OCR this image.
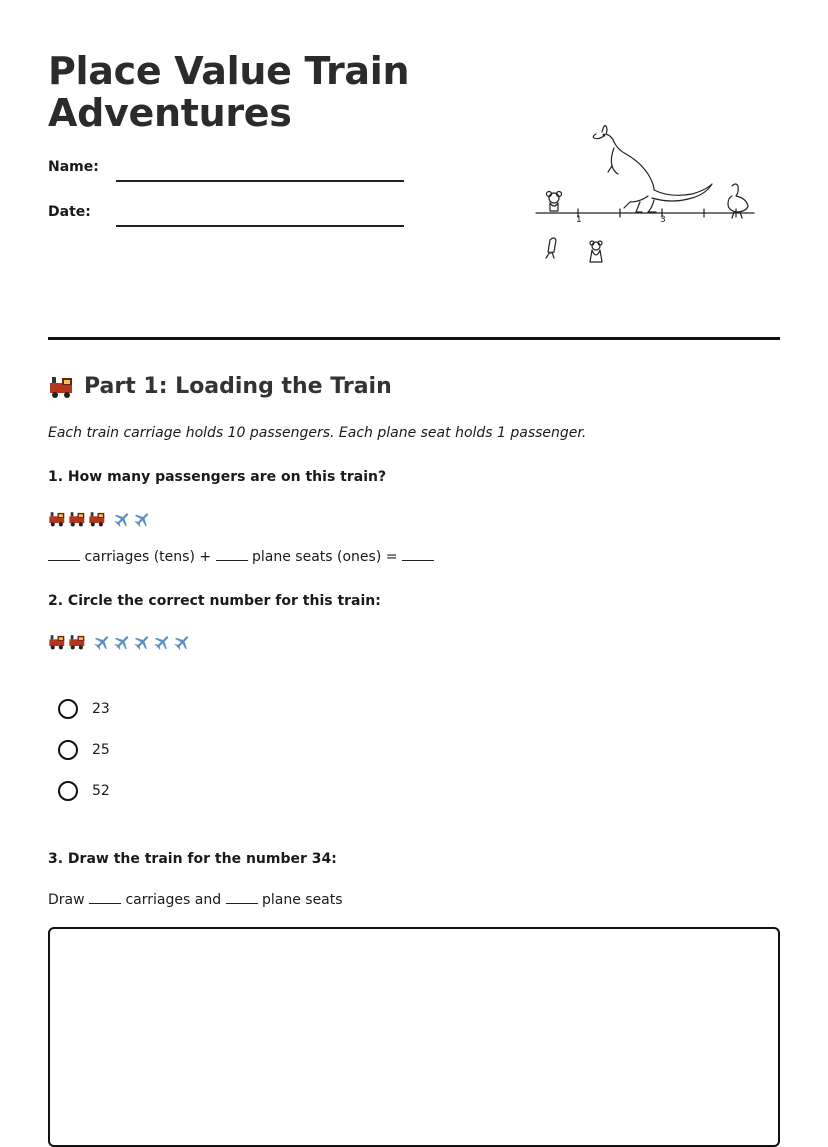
Place Value Train
Adventures
Name:
Date:	1	3
Part 1: Loading the Train

Each train carriage holds 10 passengers. Each plane seat holds 1 passenger.

1. How many passengers are on this train?

carriages (tens) +	plane seats (ones) =

2. Circle the correct number for this train:

23
25
52

3. Draw the train for the number 34:

Draw	carriages and	plane seats
